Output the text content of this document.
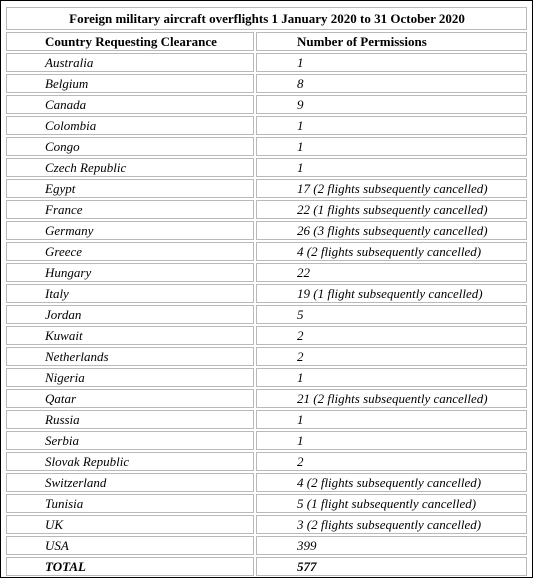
Foreign military aircraft overflights 1 January 2020 to 31 October 2020	
Country Requesting Clearance	Number of Permissions
Australia	1
Belgium	8
Canada	9
Colombia	1
Congo	1
Czech Republic	1
Egypt	17 (2 flights subsequently cancelled)
France	22 (1 flights subsequently cancelled)
Germany	26 (3 flights subsequently cancelled)
Greece	4 (2 flights subsequently cancelled)
Hungary	22
Italy	19 (1 flight subsequently cancelled)
Jordan	5
Kuwait	2
Netherlands	2
Nigeria	1
Qatar	21 (2 flights subsequently cancelled)
Russia	1
Serbia	1
Slovak Republic	2
Switzerland	4 (2 flights subsequently cancelled)
Tunisia	5 (1 flight subsequently cancelled)
UK	3 (2 flights subsequently cancelled)
USA	399
TOTAL	577
